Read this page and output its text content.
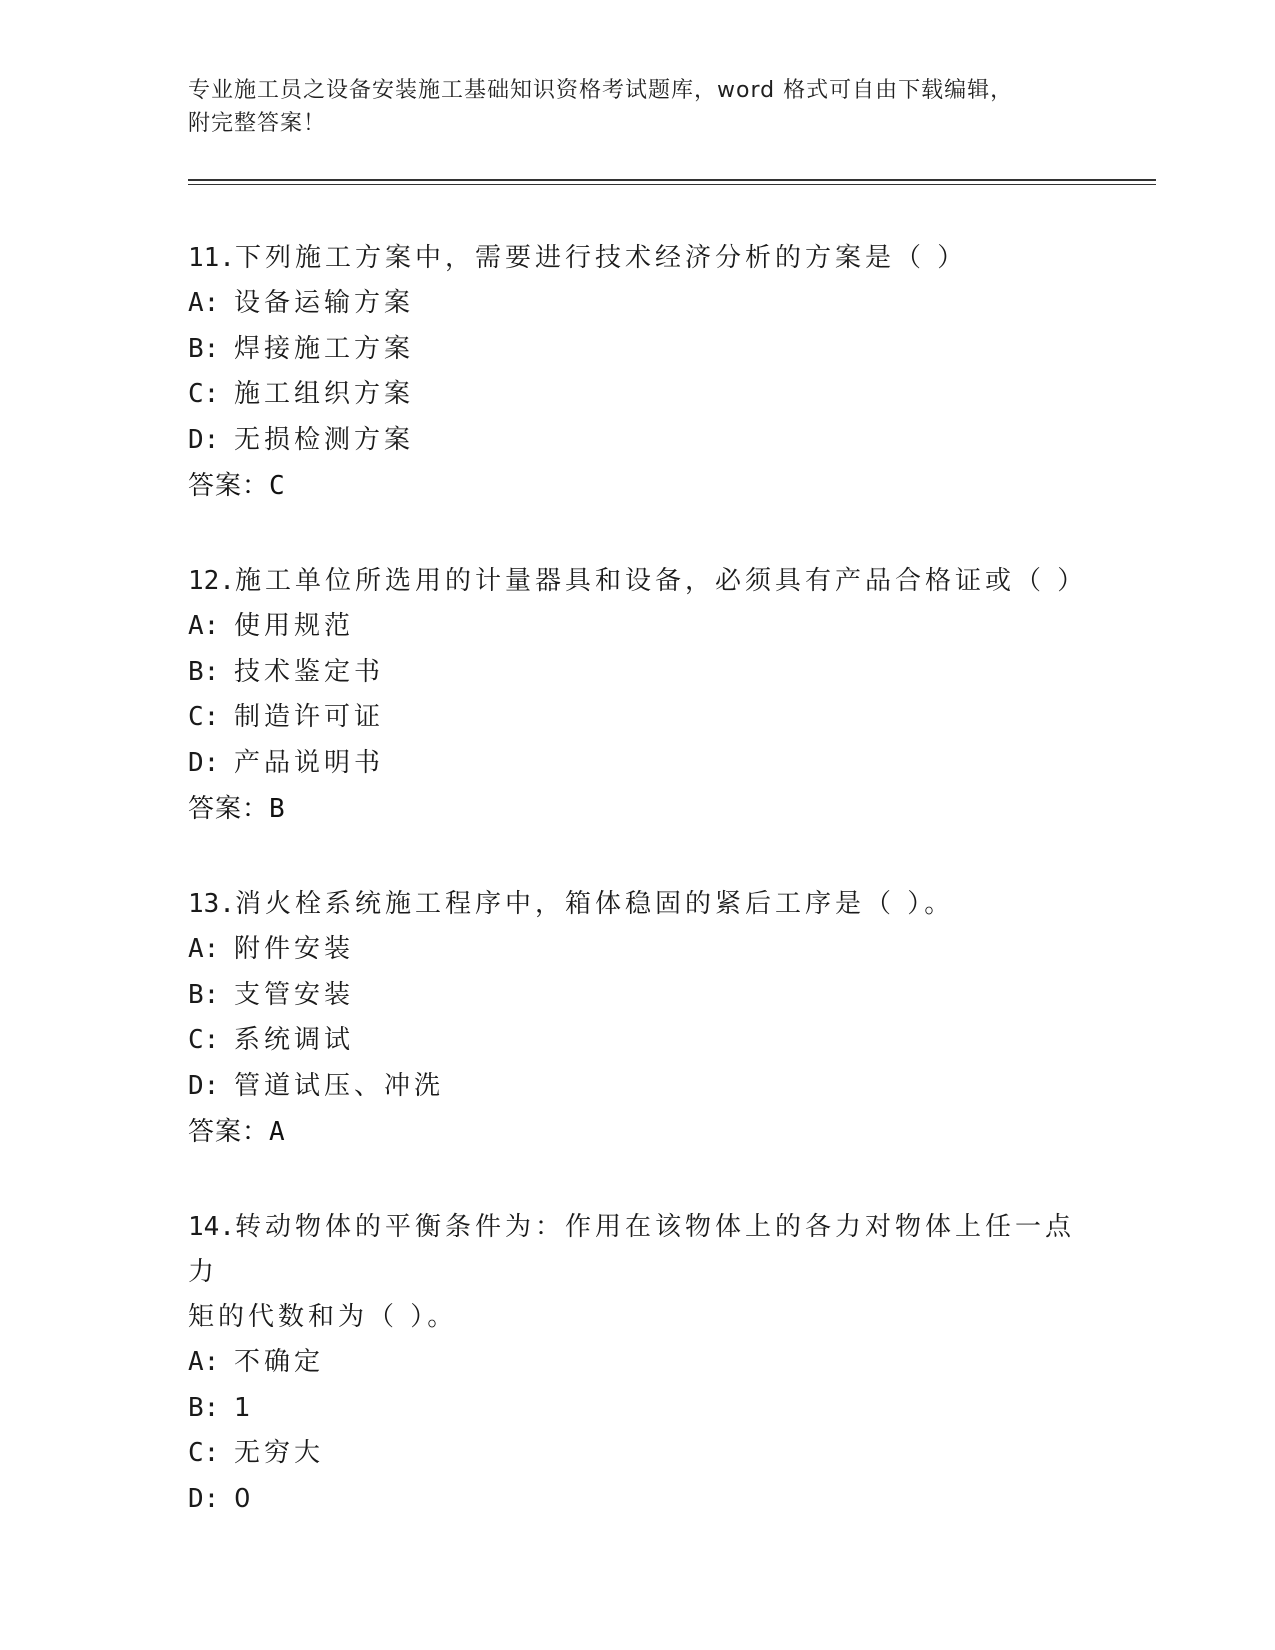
专业施工员之设备安装施工基础知识资格考试题库，word 格式可自由下载编辑，
附完整答案！
11.下列施工方案中，需要进行技术经济分析的方案是（ ）
A: 设备运输方案
B: 焊接施工方案
C: 施工组织方案
D: 无损检测方案
答案：C
12.施工单位所选用的计量器具和设备，必须具有产品合格证或（ ）
A: 使用规范
B: 技术鉴定书
C: 制造许可证
D: 产品说明书
答案：B
13.消火栓系统施工程序中，箱体稳固的紧后工序是（ ）。
A: 附件安装
B: 支管安装
C: 系统调试
D: 管道试压、冲洗
答案：A
14.转动物体的平衡条件为：作用在该物体上的各力对物体上任一点力
矩的代数和为（ ）。
A: 不确定
B: 1
C: 无穷大
D: 0
